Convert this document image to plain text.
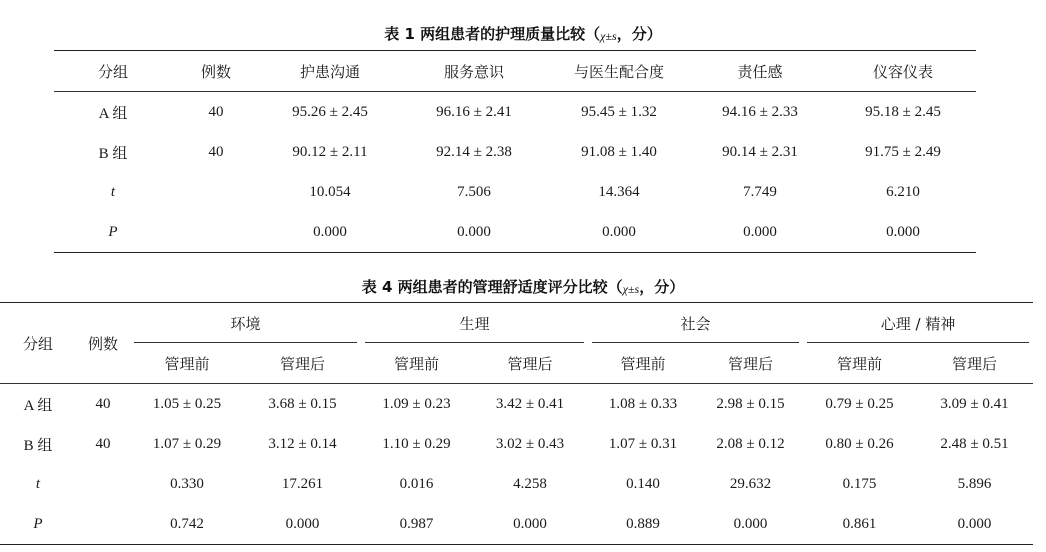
表 1 两组患者的护理质量比较（χ±s，分）
分组	例数	护患沟通	服务意识	与医生配合度	责任感	仪容仪表
A 组	40	95.26 ± 2.45	96.16 ± 2.41	95.45 ± 1.32	94.16 ± 2.33	95.18 ± 2.45
B 组	40	90.12 ± 2.11	92.14 ± 2.38	91.08 ± 1.40	90.14 ± 2.31	91.75 ± 2.49
t		10.054	7.506	14.364	7.749	6.210
P		0.000	0.000	0.000	0.000	0.000
表 4 两组患者的管理舒适度评分比较（χ±s，分）
分组	例数	环境		生理		社会		心理 / 精神	
		管理前	管理后	管理前	管理后	管理前	管理后	管理前	管理后
A 组	40	1.05 ± 0.25	3.68 ± 0.15	1.09 ± 0.23	3.42 ± 0.41	1.08 ± 0.33	2.98 ± 0.15	0.79 ± 0.25	3.09 ± 0.41
B 组	40	1.07 ± 0.29	3.12 ± 0.14	1.10 ± 0.29	3.02 ± 0.43	1.07 ± 0.31	2.08 ± 0.12	0.80 ± 0.26	2.48 ± 0.51
t		0.330	17.261	0.016	4.258	0.140	29.632	0.175	5.896
P		0.742	0.000	0.987	0.000	0.889	0.000	0.861	0.000
